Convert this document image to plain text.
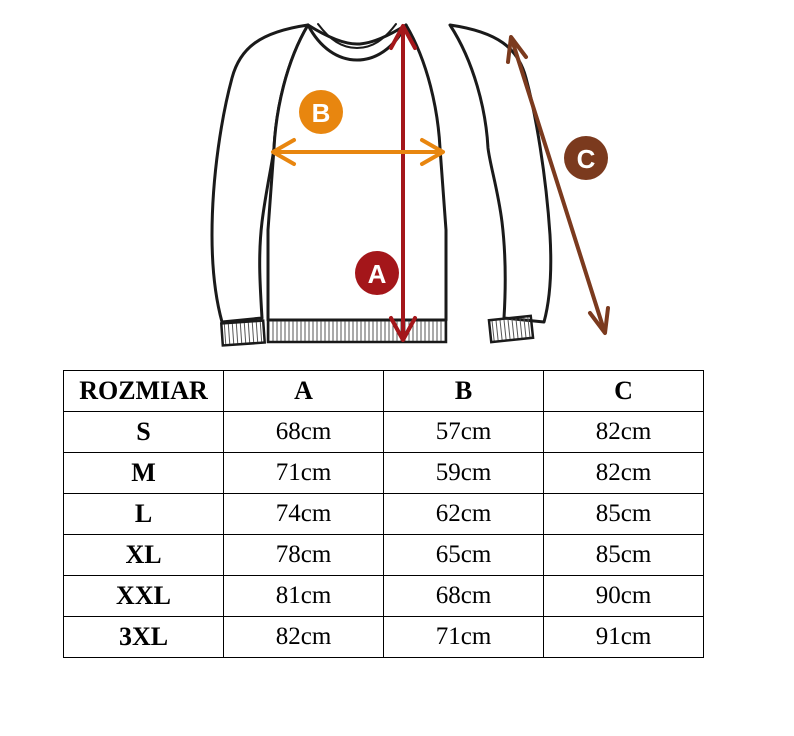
A
B
C
ROZMIAR	A	B	C
S	68cm	57cm	82cm
M	71cm	59cm	82cm
L	74cm	62cm	85cm
XL	78cm	65cm	85cm
XXL	81cm	68cm	90cm
3XL	82cm	71cm	91cm
